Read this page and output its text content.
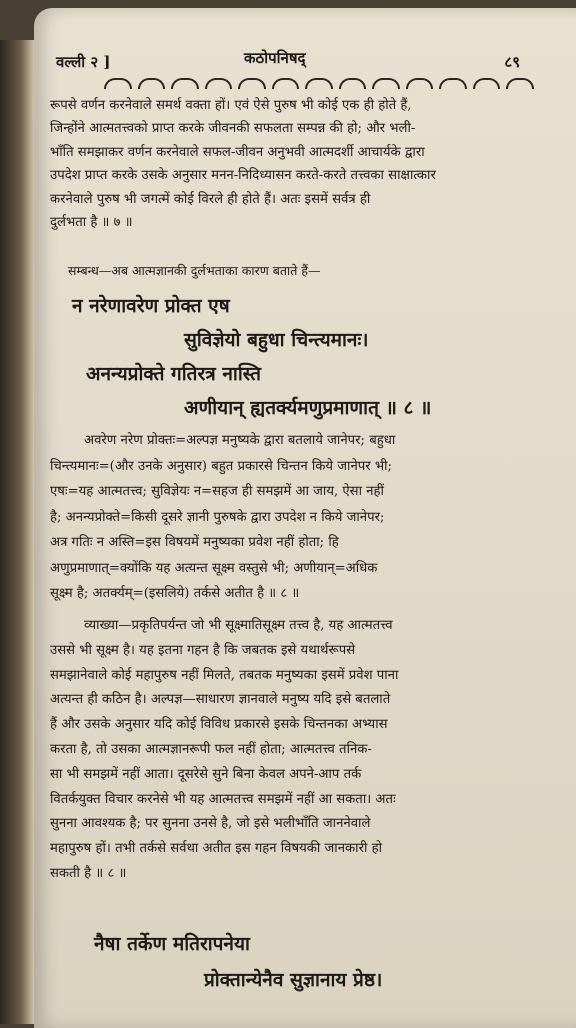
वल्ली २ ]	कठोपनिषद्	८९

रूपसे वर्णन करनेवाले समर्थ वक्ता हों। एवं ऐसे पुरुष भी कोई एक ही होते हैं,
जिन्होंने आत्मतत्त्वको प्राप्त करके जीवनकी सफलता सम्पन्न की हो; और भली-
भाँति समझाकर वर्णन करनेवाले सफल-जीवन अनुभवी आत्मदर्शी आचार्यके द्वारा
उपदेश प्राप्त करके उसके अनुसार मनन-निदिध्यासन करते-करते तत्त्वका साक्षात्कार
करनेवाले पुरुष भी जगत्में कोई विरले ही होते हैं। अतः इसमें सर्वत्र ही
दुर्लभता है ॥ ७ ॥

सम्बन्ध—अब आत्मज्ञानकी दुर्लभताका कारण बताते हैं—
न नरेणावरेण प्रोक्त एष
सुविज्ञेयो बहुधा चिन्त्यमानः।
अनन्यप्रोक्ते गतिरत्र नास्ति
अणीयान् ह्यतर्क्यमणुप्रमाणात् ॥ ८ ॥
अवरेण नरेण प्रोक्तः=अल्पज्ञ मनुष्यके द्वारा बतलाये जानेपर; बहुधा
चिन्त्यमानः=(और उनके अनुसार) बहुत प्रकारसे चिन्तन किये जानेपर भी;
एषः=यह आत्मतत्त्व; सुविज्ञेयः न=सहज ही समझमें आ जाय, ऐसा नहीं
है; अनन्यप्रोक्ते=किसी दूसरे ज्ञानी पुरुषके द्वारा उपदेश न किये जानेपर;
अत्र गतिः न अस्ति=इस विषयमें मनुष्यका प्रवेश नहीं होता; हि
अणुप्रमाणात्=क्योंकि यह अत्यन्त सूक्ष्म वस्तुसे भी; अणीयान्=अधिक
सूक्ष्म है; अतर्क्यम्=(इसलिये) तर्कसे अतीत है ॥ ८ ॥

व्याख्या—प्रकृतिपर्यन्त जो भी सूक्ष्मातिसूक्ष्म तत्त्व है, यह आत्मतत्त्व
उससे भी सूक्ष्म है। यह इतना गहन है कि जबतक इसे यथार्थरूपसे
समझानेवाले कोई महापुरुष नहीं मिलते, तबतक मनुष्यका इसमें प्रवेश पाना
अत्यन्त ही कठिन है। अल्पज्ञ—साधारण ज्ञानवाले मनुष्य यदि इसे बतलाते
हैं और उसके अनुसार यदि कोई विविध प्रकारसे इसके चिन्तनका अभ्यास
करता है, तो उसका आत्मज्ञानरूपी फल नहीं होता; आत्मतत्त्व तनिक-
सा भी समझमें नहीं आता। दूसरेसे सुने बिना केवल अपने-आप तर्क
वितर्कयुक्त विचार करनेसे भी यह आत्मतत्त्व समझमें नहीं आ सकता। अतः
सुनना आवश्यक है; पर सुनना उनसे है, जो इसे भलीभाँति जाननेवाले
महापुरुष हों। तभी तर्कसे सर्वथा अतीत इस गहन विषयकी जानकारी हो
सकती है ॥ ८ ॥

नैषा तर्केण मतिरापनेया
प्रोक्तान्येनैव सुज्ञानाय प्रेष्ठ।
